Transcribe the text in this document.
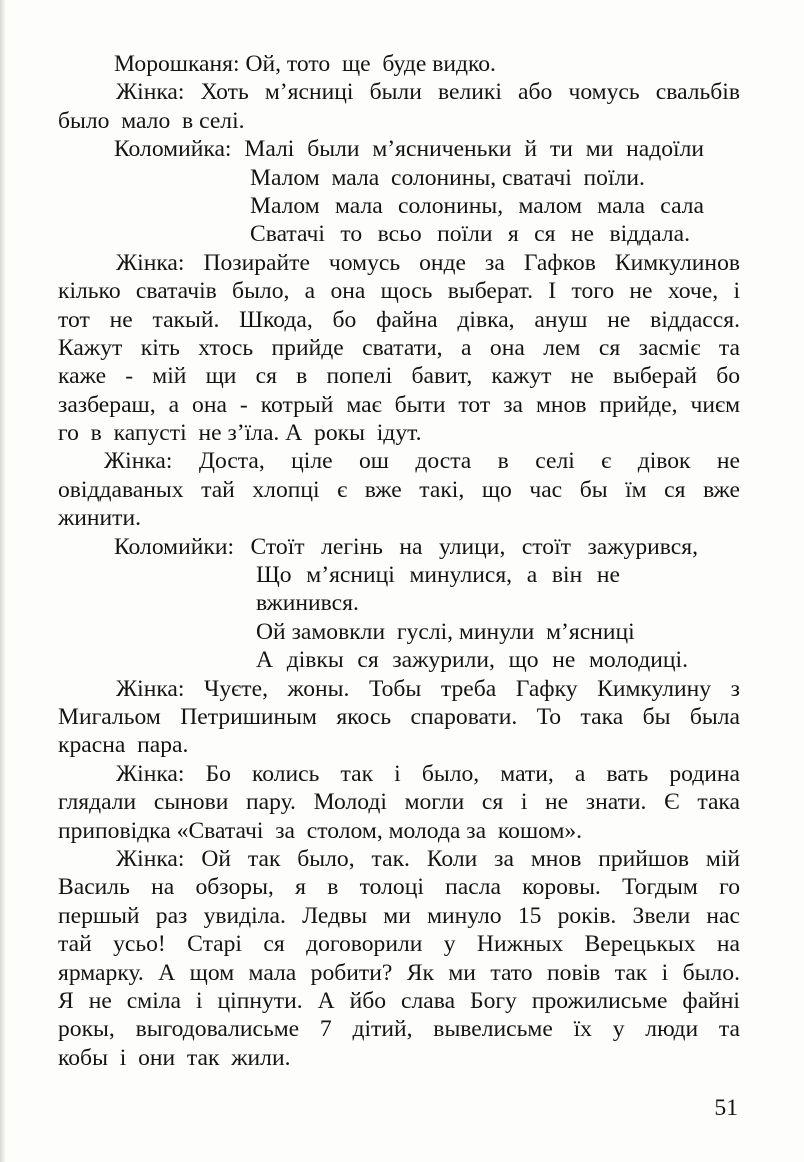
Морошканя: Ой, тото  ще  буде видко.

Жінка: Хоть м’ясниці были великі або чомусь свальбів

было  мало  в селі.

Коломийка: Малі были м’ясниченьки й ти ми надоїли

Малом  мала  солонины, сватачі  поїли.

Малом мала солонины, малом мала сала

Сватачі то всьо поїли я ся не віддала.

Жінка: Позирайте чомусь онде за Гафков Кимкулинов

кілько сватачів было, а она щось выберат. І того не хоче, і

тот не такый. Шкода, бо файна дівка, ануш не віддасся.

Кажут кіть хтось прийде сватати, а она лем ся засміє та

каже - мій щи ся в попелі бавит, кажут не выберай бо

зазбераш, а она - котрый має быти тот за мнов прийде, чиєм

го  в  капусті  не з’їла. А  рокы  ідут.

Жінка: Доста, ціле ош доста в селі є дівок не

овіддаваных тай хлопці є вже такі, що час бы їм ся вже

жинити.

Коломийки: Стоїт легінь на улици, стоїт зажурився,

Що м’ясниці минулися, а він не

вжинився.

Ой замовкли  гуслі, минули  м’ясниці

А дівкы ся зажурили, що не молодиці.

Жінка: Чуєте, жоны. Тобы треба Гафку Кимкулину з

Мигальом Петришиным якось спаровати. То така бы была

красна  пара.

Жінка: Бо колись так і было, мати, а вать родина

глядали сынови пару. Молоді могли ся і не знати. Є така

приповідка «Сватачі  за  столом, молода за  кошом».

Жінка: Ой так было, так. Коли за мнов прийшов мій

Василь на обзоры, я в толоці пасла коровы. Тогдым го

першый раз увиділа. Ледвы ми минуло 15 років. Звели нас

тай усьо! Старі ся договорили у Нижных Верецькых на

ярмарку. А щом мала робити? Як ми тато повів так і было.

Я не сміла і ціпнути. А йбо слава Богу прожилисьме файні

рокы, выгодовалисьме 7 дітий, вывелисьме їх у люди та

кобы  і  они  так  жили.

51
